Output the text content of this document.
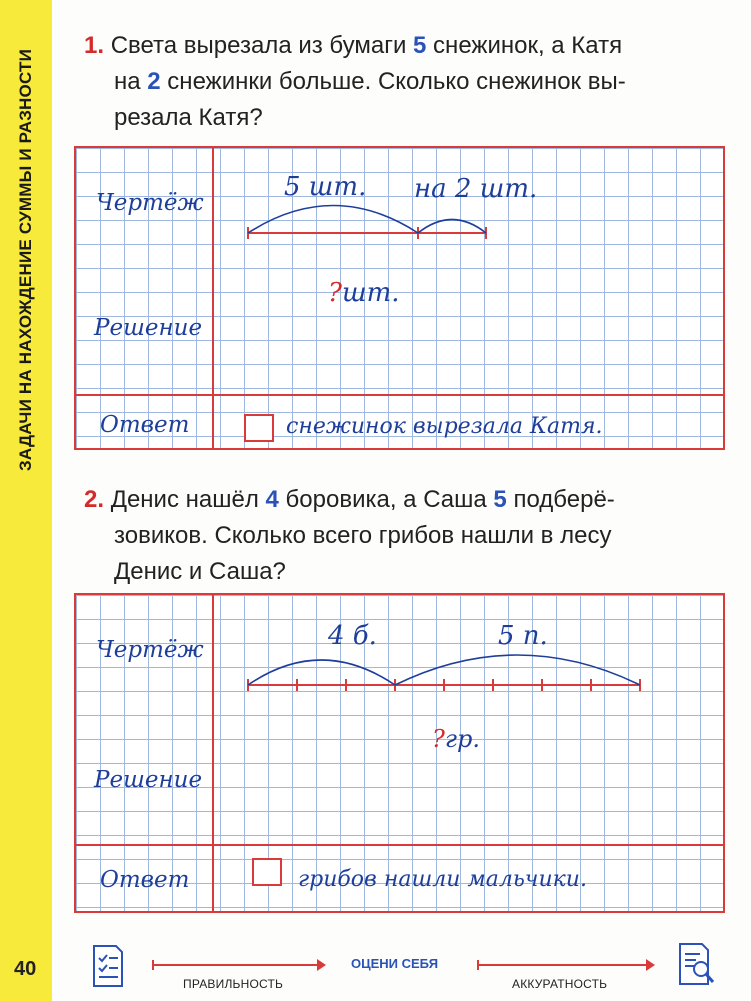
ЗАДАЧИ НА НАХОЖДЕНИЕ СУММЫ И РАЗНОСТИ
40
1. Света вырезала из бумаги 5 снежинок, а Катя
на 2 снежинки больше. Сколько снежинок вы-
резала Катя?
Чертёж
Решение
Ответ
5 шт. на 2 шт.
?шт.
снежинок вырезала Катя.
2. Денис нашёл 4 боровика, а Саша 5 подберё-
зовиков. Сколько всего грибов нашли в лесу
Денис и Саша?
Чертёж
Решение
Ответ
4 б.	5 п.
?гр.
грибов нашли мальчики.
ПРАВИЛЬНОСТЬ
ОЦЕНИ СЕБЯ
АККУРАТНОСТЬ
